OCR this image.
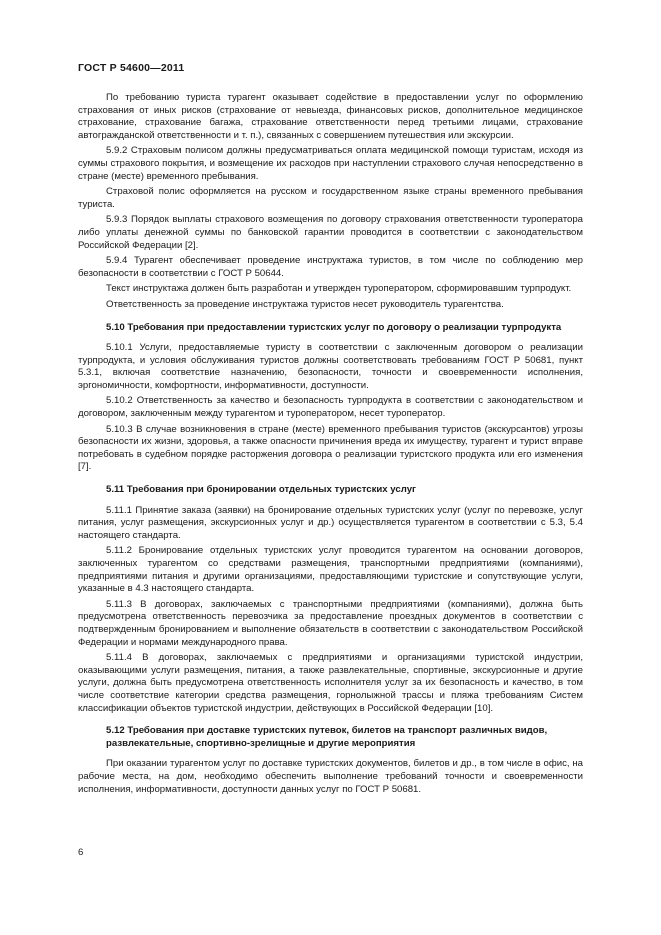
ГОСТ Р 54600—2011

По требованию туриста турагент оказывает содействие в предоставлении услуг по оформлению страхования от иных рисков (страхование от невыезда, финансовых рисков, дополнительное медицинское страхование, страхование багажа, страхование ответственности перед третьими лицами, страхование автогражданской ответственности и т. п.), связанных с совершением путешествия или экскурсии.

5.9.2 Страховым полисом должны предусматриваться оплата медицинской помощи туристам, исходя из суммы страхового покрытия, и возмещение их расходов при наступлении страхового случая непосредственно в стране (месте) временного пребывания.

Страховой полис оформляется на русском и государственном языке страны временного пребывания туриста.

5.9.3 Порядок выплаты страхового возмещения по договору страхования ответственности туроператора либо уплаты денежной суммы по банковской гарантии проводится в соответствии с законодательством Российской Федерации [2].

5.9.4 Турагент обеспечивает проведение инструктажа туристов, в том числе по соблюдению мер безопасности в соответствии с ГОСТ Р 50644.

Текст инструктажа должен быть разработан и утвержден туроператором, сформировавшим турпродукт.

Ответственность за проведение инструктажа туристов несет руководитель турагентства.

5.10 Требования при предоставлении туристских услуг по договору о реализации турпродукта

5.10.1 Услуги, предоставляемые туристу в соответствии с заключенным договором о реализации турпродукта, и условия обслуживания туристов должны соответствовать требованиям ГОСТ Р 50681, пункт 5.3.1, включая соответствие назначению, безопасности, точности и своевременности исполнения, эргономичности, комфортности, информативности, доступности.

5.10.2 Ответственность за качество и безопасность турпродукта в соответствии с законодательством и договором, заключенным между турагентом и туроператором, несет туроператор.

5.10.3 В случае возникновения в стране (месте) временного пребывания туристов (экскурсантов) угрозы безопасности их жизни, здоровья, а также опасности причинения вреда их имуществу, турагент и турист вправе потребовать в судебном порядке расторжения договора о реализации туристского продукта или его изменения [7].

5.11 Требования при бронировании отдельных туристских услуг

5.11.1 Принятие заказа (заявки) на бронирование отдельных туристских услуг (услуг по перевозке, услуг питания, услуг размещения, экскурсионных услуг и др.) осуществляется турагентом в соответствии с 5.3, 5.4 настоящего стандарта.

5.11.2 Бронирование отдельных туристских услуг проводится турагентом на основании договоров, заключенных турагентом со средствами размещения, транспортными предприятиями (компаниями), предприятиями питания и другими организациями, предоставляющими туристские и сопутствующие услуги, указанные в 4.3 настоящего стандарта.

5.11.3 В договорах, заключаемых с транспортными предприятиями (компаниями), должна быть предусмотрена ответственность перевозчика за предоставление проездных документов в соответствии с подтвержденным бронированием и выполнение обязательств в соответствии с законодательством Российской Федерации и нормами международного права.

5.11.4 В договорах, заключаемых с предприятиями и организациями туристской индустрии, оказывающими услуги размещения, питания, а также развлекательные, спортивные, экскурсионные и другие услуги, должна быть предусмотрена ответственность исполнителя услуг за их безопасность и качество, в том числе соответствие категории средства размещения, горнолыжной трассы и пляжа требованиям Систем классификации объектов туристской индустрии, действующих в Российской Федерации [10].

5.12 Требования при доставке туристских путевок, билетов на транспорт различных видов, развлекательные, спортивно-зрелищные и другие мероприятия

При оказании турагентом услуг по доставке туристских документов, билетов и др., в том числе в офис, на рабочие места, на дом, необходимо обеспечить выполнение требований точности и своевременности исполнения, информативности, доступности данных услуг по ГОСТ Р 50681.

6
